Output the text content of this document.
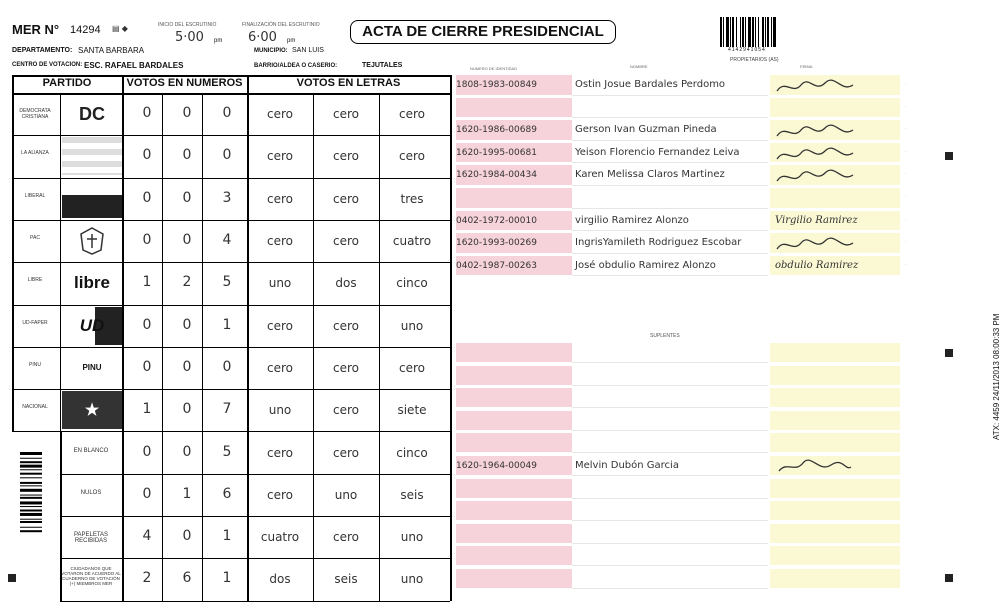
MER N° 14294 ▤ ◆	INICIO DEL ESCRUTINIO
5·00 pm
FINALIZACIÓN DEL ESCRUTINIO
6·00 pm
ACTA DE CIERRE PRESIDENCIAL
4142941054
DEPARTAMENTO: SANTA BARBARA	MUNICIPIO: SAN LUIS
CENTRO DE VOTACION: ESC. RAFAEL BARDALES	BARRIO/ALDEA O CASERIO:	TEJUTALES
PROPIETARIOS (AS)
NUMERO DE IDENTIDAD	NOMBRE	FIRMA
PARTIDO	VOTOS EN NUMEROS	VOTOS EN LETRAS
DEMOCRATA CRISTIANA	DC	0	0	0	cero	cero	cero
LA ALIANZA	0	0	0	cero	cero	cero
LIBERAL	0	0	3	cero	cero	tres
PAC	0	0	4	cero	cero	cuatro
LIBRE	libre	1	2	5	uno	dos	cinco
UD-FAPER	UD	0	0	1	cero	cero	uno
PINU	PINU	0	0	0	cero	cero	cero
NACIONAL	★	1	0	7	uno	cero	siete
EN BLANCO	0	0	5	cero	cero	cinco
NULOS	0	1	6	cero	uno	seis
PAPELETAS RECIBIDAS	4	0	1	cuatro	cero	uno
CIUDADANOS QUE VOTARON DE ACUERDO AL CUADERNO DE VOTACIÓN (+) MIEMBROS MER	2	6	1	dos	seis	uno
1808-1983-00849	Ostin Josue Bardales Perdomo	·
·
1620-1986-00689	Gerson Ivan Guzman Pineda	·
1620-1995-00681	Yeison Florencio Fernandez Leiva	·
1620-1984-00434	Karen Melissa Claros Martinez	·
·
0402-1972-00010	virgilio Ramirez Alonzo	Virgilio Ramirez	·
1620-1993-00269	IngrisYamileth Rodriguez Escobar	·
0402-1987-00263	José obdulio Ramirez Alonzo	obdulio Ramirez	·
SUPLENTES
1620-1964-00049	Melvin Dubón Garcia
ATX: 4459 24/11/2013 08:00:33 PM
